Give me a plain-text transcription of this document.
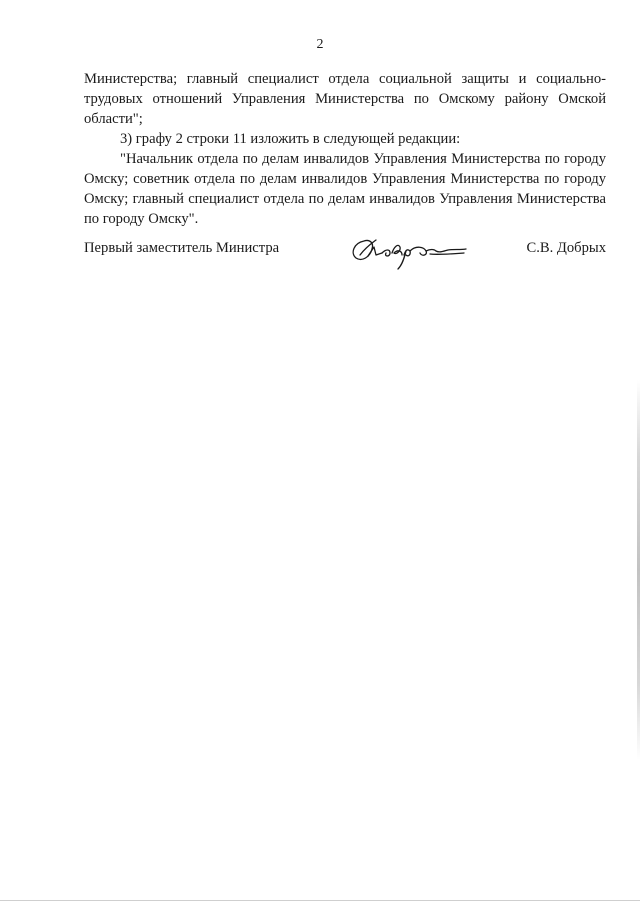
2

Министерства; главный специалист отдела социальной защиты и социально-трудовых отношений Управления Министерства по Омскому району Омской области";

3) графу 2 строки 11 изложить в следующей редакции:

"Начальник отдела по делам инвалидов Управления Министерства по городу Омску; советник отдела по делам инвалидов Управления Министерства по городу Омску; главный специалист отдела по делам инвалидов Управления Министерства по городу Омску".

Первый заместитель Министра	С.В. Добрых
